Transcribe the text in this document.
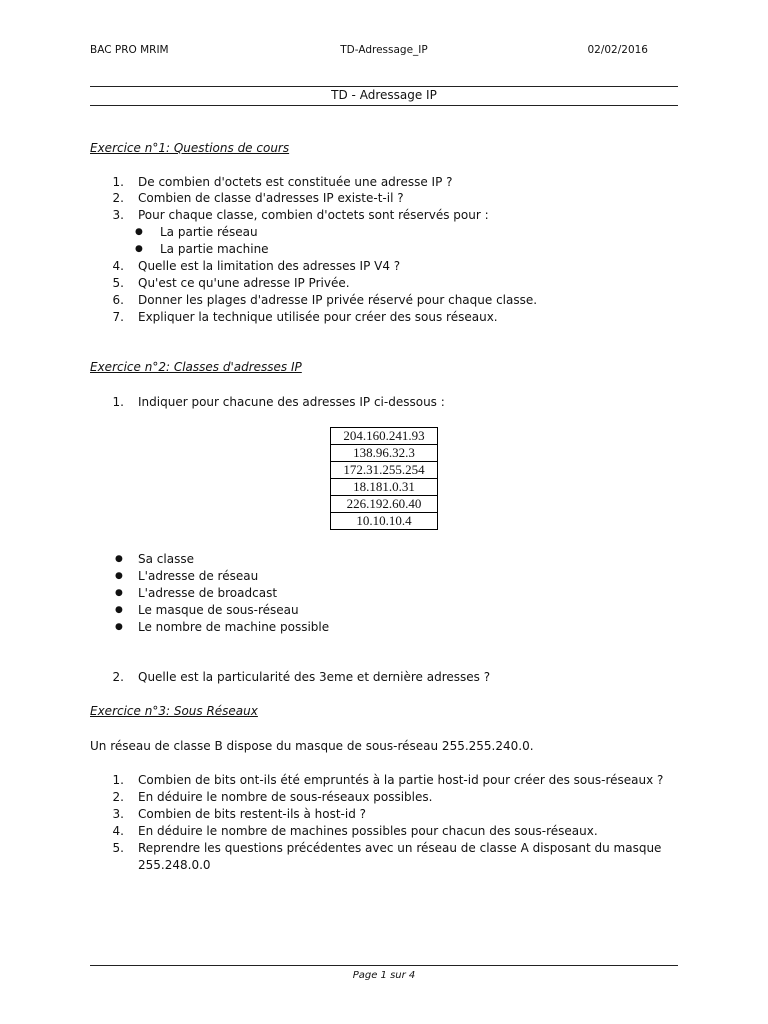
BAC PRO MRIM	TD-Adressage_IP	02/02/2016
TD - Adressage IP
Exercice n°1: Questions de cours
1. De combien d'octets est constituée une adresse IP ?
2. Combien de classe d'adresses IP existe-t-il ?
3. Pour chaque classe, combien d'octets sont réservés pour :
● La partie réseau
● La partie machine
4. Quelle est la limitation des adresses IP V4 ?
5. Qu'est ce qu'une adresse IP Privée.
6. Donner les plages d'adresse IP privée réservé pour chaque classe.
7. Expliquer la technique utilisée pour créer des sous réseaux.
Exercice n°2: Classes d'adresses IP
1. Indiquer pour chacune des adresses IP ci-dessous :
204.160.241.93
138.96.32.3
172.31.255.254
18.181.0.31
226.192.60.40
10.10.10.4
● Sa classe
● L'adresse de réseau
● L'adresse de broadcast
● Le masque de sous-réseau
● Le nombre de machine possible
2. Quelle est la particularité des 3eme et dernière adresses ?
Exercice n°3: Sous Réseaux
Un réseau de classe B dispose du masque de sous-réseau 255.255.240.0.
1. Combien de bits ont-ils été empruntés à la partie host-id pour créer des sous-réseaux ?
2. En déduire le nombre de sous-réseaux possibles.
3. Combien de bits restent-ils à host-id ?
4. En déduire le nombre de machines possibles pour chacun des sous-réseaux.
5. Reprendre les questions précédentes avec un réseau de classe A disposant du masque
255.248.0.0
Page 1 sur 4
